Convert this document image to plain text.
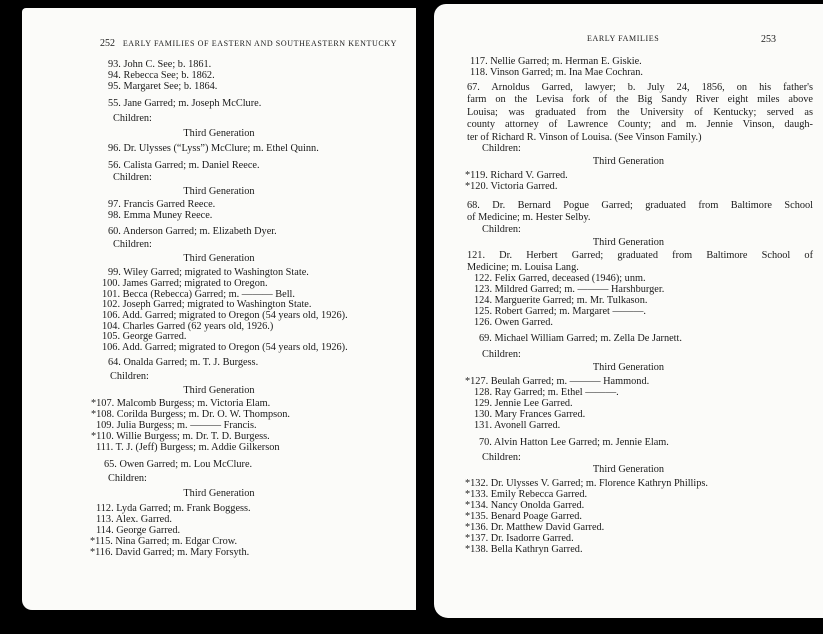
252 EARLY FAMILIES OF EASTERN AND SOUTHEASTERN KENTUCKY
93. John C. See; b. 1861.
94. Rebecca See; b. 1862.
95. Margaret See; b. 1864.
55. Jane Garred; m. Joseph McClure.
Children:
Third Generation
96. Dr. Ulysses (“Lyss”) McClure; m. Ethel Quinn.
56. Calista Garred; m. Daniel Reece.
Children:
Third Generation
97. Francis Garred Reece.
98. Emma Muney Reece.
60. Anderson Garred; m. Elizabeth Dyer.
Children:
Third Generation
99. Wiley Garred; migrated to Washington State.
100. James Garred; migrated to Oregon.
101. Becca (Rebecca) Garred; m. ——— Bell.
102. Joseph Garred; migrated to Washington State.
106. Add. Garred; migrated to Oregon (54 years old, 1926).
104. Charles Garred (62 years old, 1926.)
105. George Garred.
106. Add. Garred; migrated to Oregon (54 years old, 1926).
64. Onalda Garred; m. T. J. Burgess.
Children:
Third Generation
*107. Malcomb Burgess; m. Victoria Elam.
*108. Corilda Burgess; m. Dr. O. W. Thompson.
109. Julia Burgess; m. ——— Francis.
*110. Willie Burgess; m. Dr. T. D. Burgess.
111. T. J. (Jeff) Burgess; m. Addie Gilkerson
65. Owen Garred; m. Lou McClure.
Children:
Third Generation
112. Lyda Garred; m. Frank Boggess.
113. Alex. Garred.
114. George Garred.
*115. Nina Garred; m. Edgar Crow.
*116. David Garred; m. Mary Forsyth.
EARLY FAMILIES	253
117. Nellie Garred; m. Herman E. Giskie.
118. Vinson Garred; m. Ina Mae Cochran.
Children:
Third Generation
*119. Richard V. Garred.
*120. Victoria Garred.
Children:
Third Generation
122. Felix Garred, deceased (1946); unm.
123. Mildred Garred; m. ——— Harshburger.
124. Marguerite Garred; m. Mr. Tulkason.
125. Robert Garred; m. Margaret ———.
126. Owen Garred.
69. Michael William Garred; m. Zella De Jarnett.
Children:
Third Generation
*127. Beulah Garred; m. ——— Hammond.
128. Ray Garred; m. Ethel ———.
129. Jennie Lee Garred.
130. Mary Frances Garred.
131. Avonell Garred.
70. Alvin Hatton Lee Garred; m. Jennie Elam.
Children:
Third Generation
*132. Dr. Ulysses V. Garred; m. Florence Kathryn Phillips.
*133. Emily Rebecca Garred.
*134. Nancy Onolda Garred.
*135. Benard Poage Garred.
*136. Dr. Matthew David Garred.
*137. Dr. Isadorre Garred.
*138. Bella Kathryn Garred.
67. Arnoldus Garred, lawyer; b. July 24, 1856, on his father's
farm on the Levisa fork of the Big Sandy River eight miles above
Louisa; was graduated from the University of Kentucky; served as
county attorney of Lawrence County; and m. Jennie Vinson, daugh-
ter of Richard R. Vinson of Louisa. (See Vinson Family.)
68. Dr. Bernard Pogue Garred; graduated from Baltimore School
of Medicine; m. Hester Selby.
121. Dr. Herbert Garred; graduated from Baltimore School of
Medicine; m. Louisa Lang.
